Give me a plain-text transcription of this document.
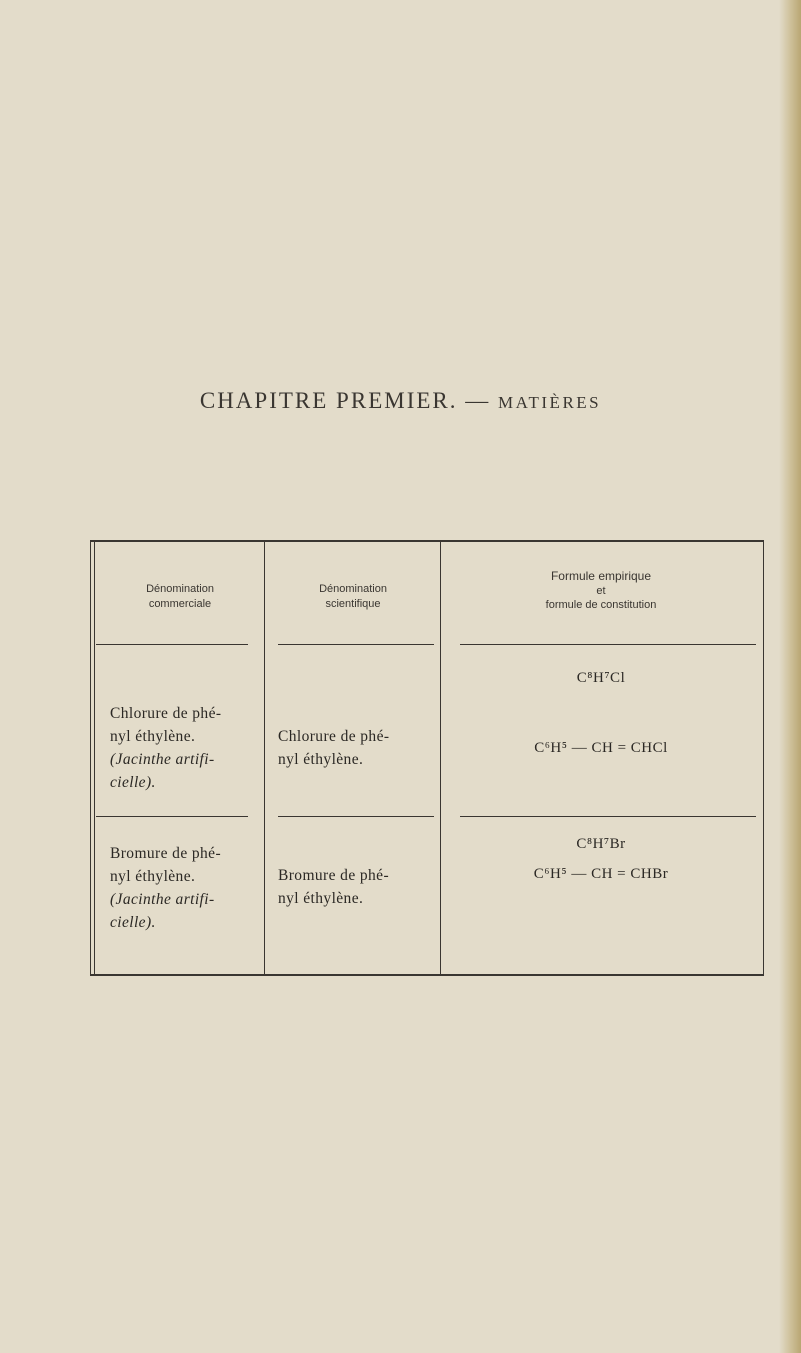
CHAPITRE PREMIER. — MATIÈRES
Dénomination
commerciale
Dénomination
scientifique
Formule empirique
et
formule de constitution
Chlorure de phé-
nyl éthylène.
(Jacinthe artifi-
cielle).
Chlorure de phé-
nyl éthylène.
C⁸H⁷Cl
C⁶H⁵ — CH = CHCl
Bromure de phé-
nyl éthylène.
(Jacinthe artifi-
cielle).
Bromure de phé-
nyl éthylène.
C⁸H⁷Br
C⁶H⁵ — CH = CHBr
